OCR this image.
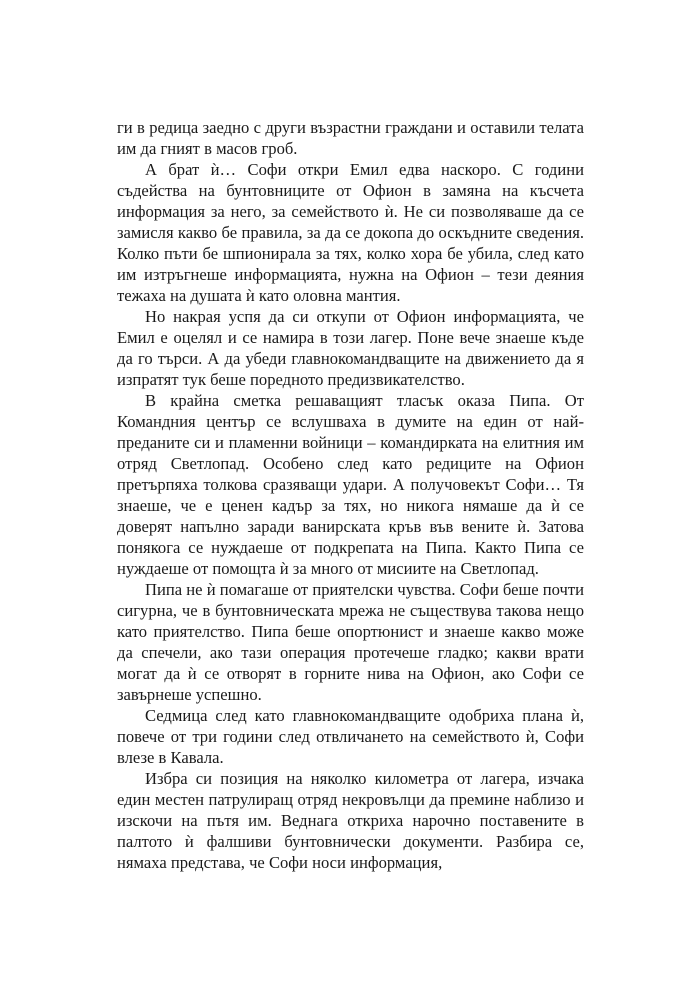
ги в редица заедно с други възрастни граждани и оставили телата им да гният в масов гроб.

А брат ѝ… Софи откри Емил едва наскоро. С години съдейства на бунтовниците от Офион в замяна на късчета информация за него, за семейството ѝ. Не си позволяваше да се замисля какво бе правила, за да се докопа до оскъдните сведения. Колко пъти бе шпионирала за тях, колко хора бе убила, след като им изтръгнеше информацията, нужна на Офион – тези деяния тежаха на душата ѝ като оловна мантия.

Но накрая успя да си откупи от Офион информацията, че Емил е оцелял и се намира в този лагер. Поне вече знаеше къде да го търси. А да убеди главнокомандващите на движението да я изпратят тук беше поредното предизвикателство.

В крайна сметка решаващият тласък оказа Пипа. От Командния център се вслушваха в думите на един от най-преданите си и пламенни войници – командирката на елитния им отряд Светлопад. Особено след като редиците на Офион претърпяха толкова сразяващи удари. А получовекът Софи… Тя знаеше, че е ценен кадър за тях, но никога нямаше да ѝ се доверят напълно заради ванирската кръв във вените ѝ. Затова понякога се нуждаеше от подкрепата на Пипа. Както Пипа се нуждаеше от помощта ѝ за много от мисиите на Светлопад.

Пипа не ѝ помагаше от приятелски чувства. Софи беше почти сигурна, че в бунтовническата мрежа не съществува такова нещо като приятелство. Пипа беше опортюнист и знаеше какво може да спечели, ако тази операция протечеше гладко; какви врати могат да ѝ се отворят в горните нива на Офион, ако Софи се завърнеше успешно.

Седмица след като главнокомандващите одобриха плана ѝ, повече от три години след отвличането на семейството ѝ, Софи влезе в Кавала.

Избра си позиция на няколко километра от лагера, изчака един местен патрулиращ отряд некровълци да премине наблизо и изскочи на пътя им. Веднага откриха нарочно поставените в палтото ѝ фалшиви бунтовнически документи. Разбира се, нямаха представа, че Софи носи информация,
